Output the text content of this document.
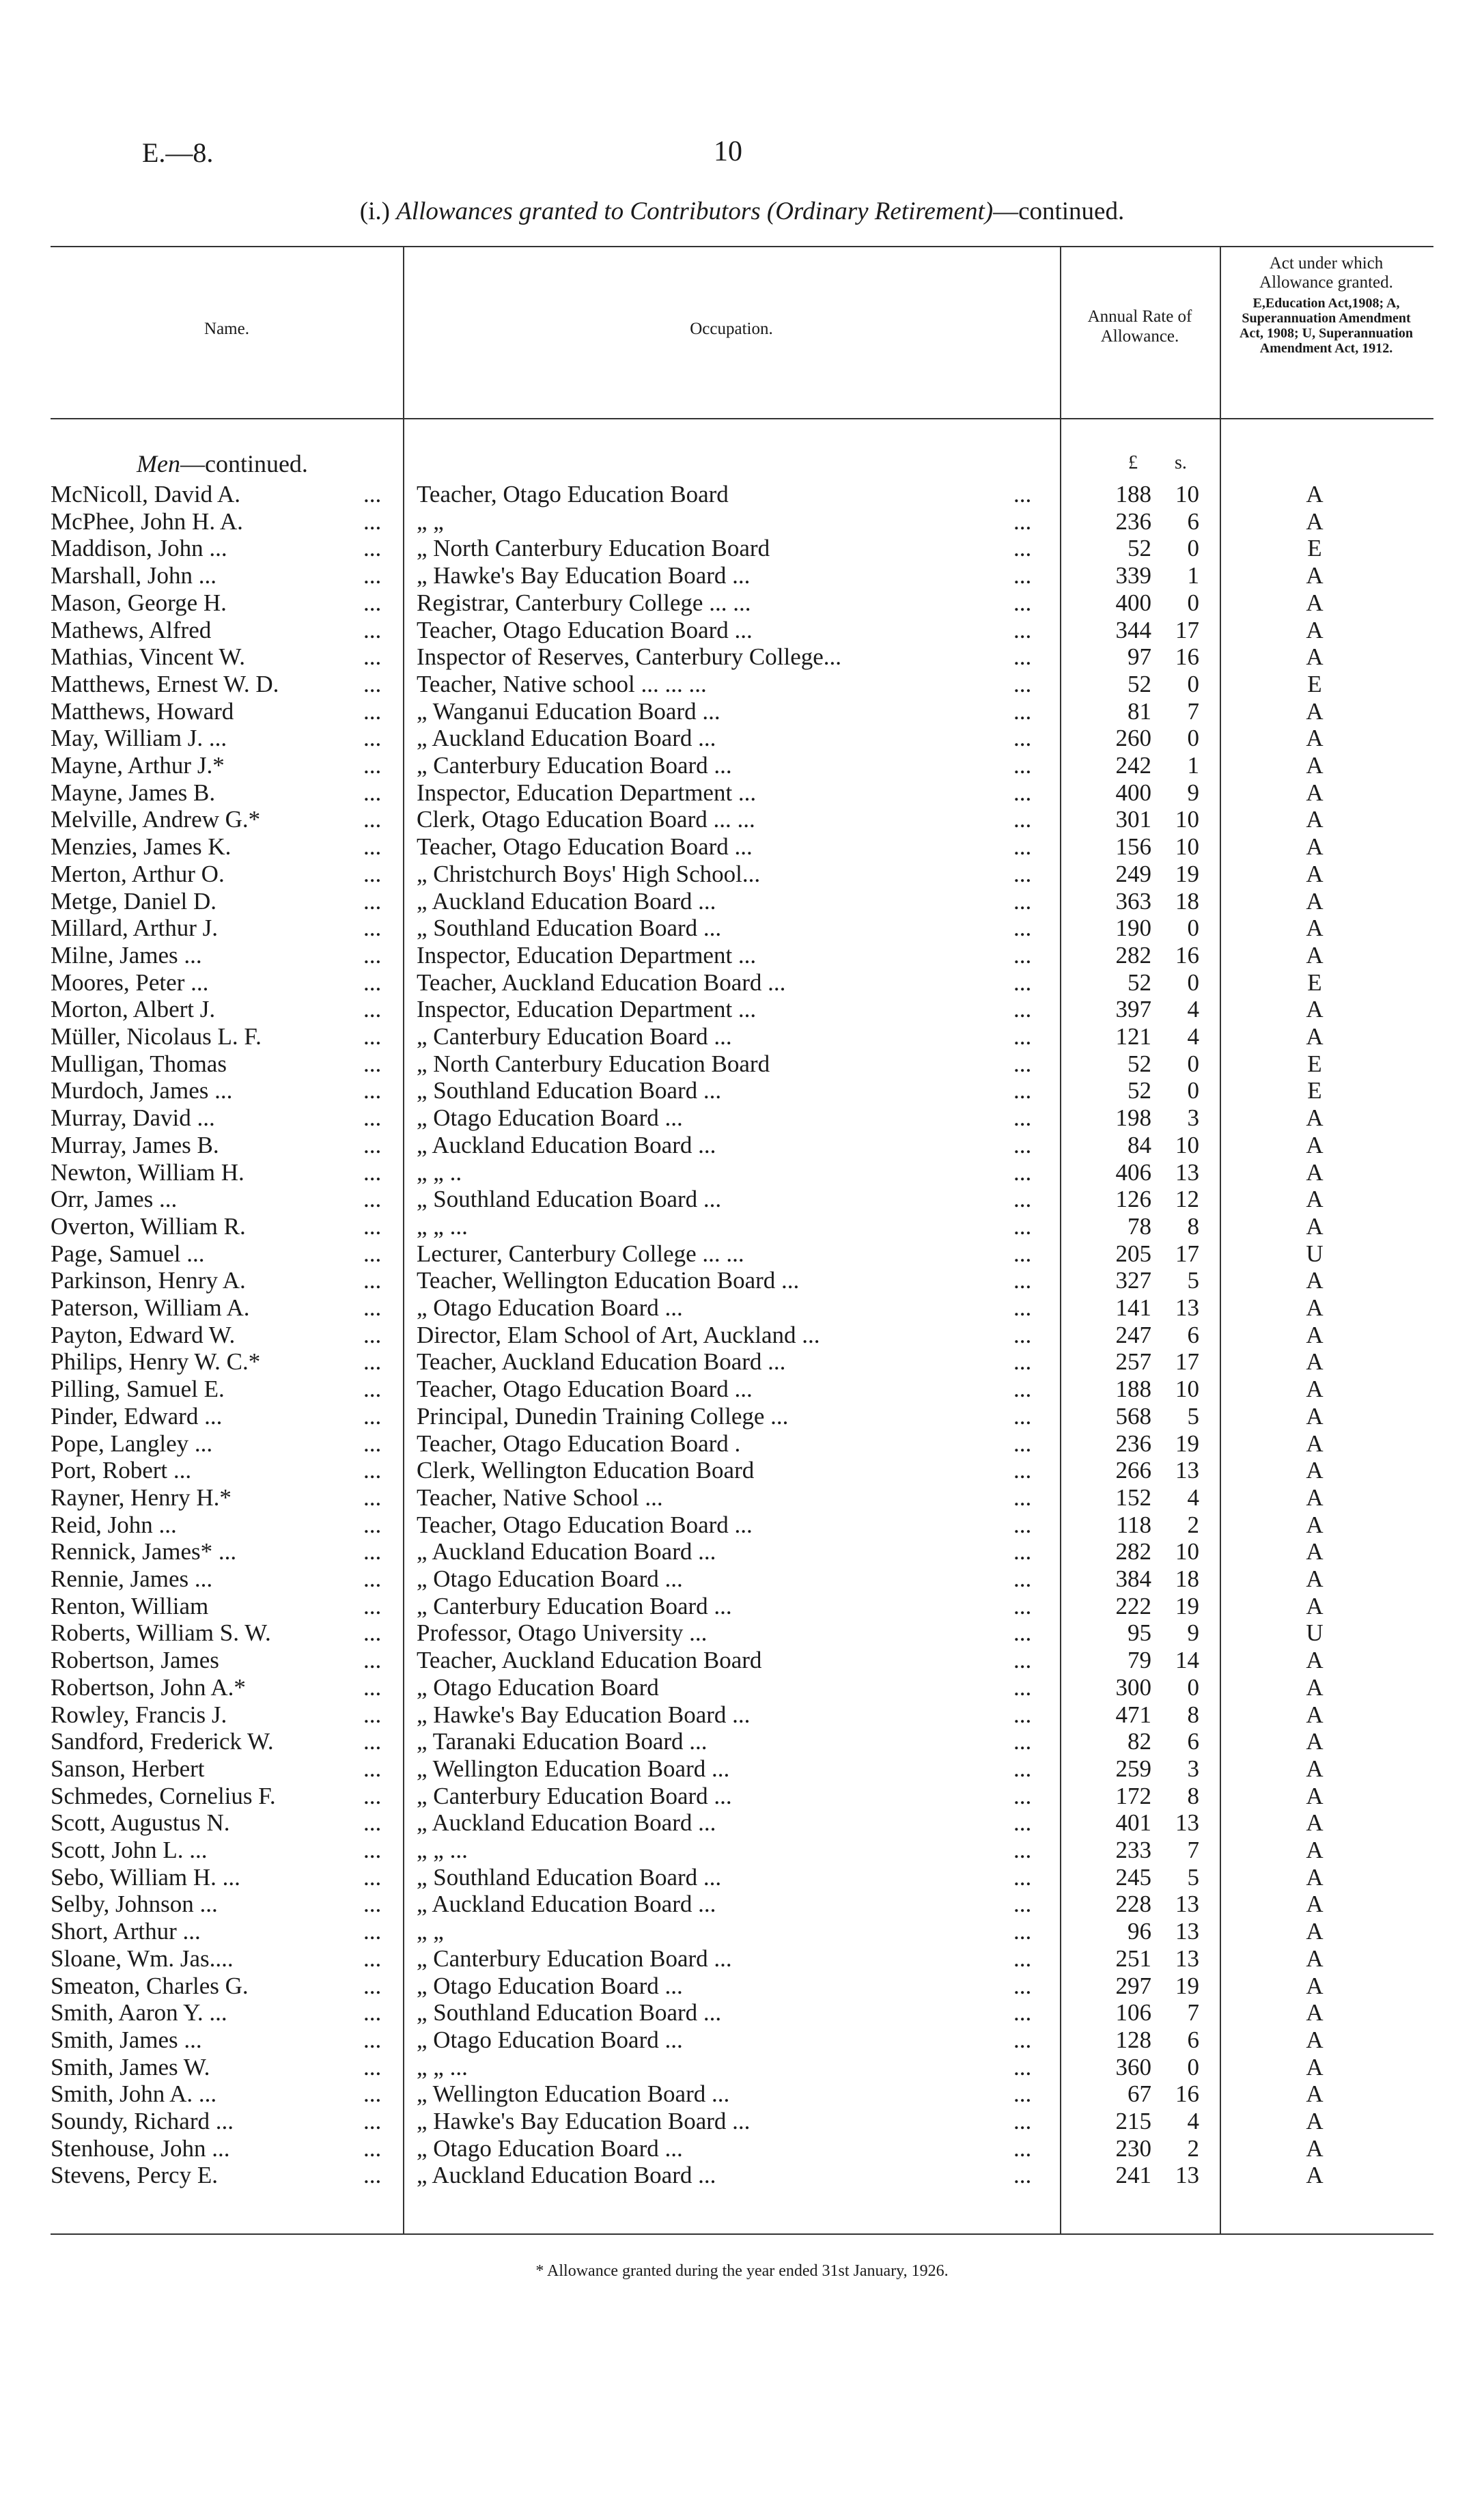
E.—8.	10
(i.) Allowances granted to Contributors (Ordinary Retirement)—continued.
Name.	Occupation.
Annual Rate of
Allowance.
Act under which
Allowance granted.
E,Education Act,1908; A, Superannuation Amendment Act, 1908; U, Superannuation Amendment Act, 1912.
Men—continued.	£ s.
McNicoll, David A.	... Teacher, Otago Education Board	...	188	10	A
McPhee, John H. A.	... „ „	...	236	6	A
Maddison, John ...	... „ North Canterbury Education Board	...	52	0	E
Marshall, John ...	... „ Hawke's Bay Education Board ...	...	339	1	A
Mason, George H.	... Registrar, Canterbury College ... ...	...	400	0	A
Mathews, Alfred	... Teacher, Otago Education Board ...	...	344	17	A
Mathias, Vincent W.	... Inspector of Reserves, Canterbury College...	...	97	16	A
Matthews, Ernest W. D.	... Teacher, Native school ... ... ...	...	52	0	E
Matthews, Howard	... „ Wanganui Education Board ...	...	81	7	A
May, William J. ...	... „ Auckland Education Board ...	...	260	0	A
Mayne, Arthur J.*	... „ Canterbury Education Board ...	...	242	1	A
Mayne, James B.	... Inspector, Education Department ...	...	400	9	A
Melville, Andrew G.*	... Clerk, Otago Education Board ... ...	...	301	10	A
Menzies, James K.	... Teacher, Otago Education Board ...	...	156	10	A
Merton, Arthur O.	... „ Christchurch Boys' High School...	...	249	19	A
Metge, Daniel D.	... „ Auckland Education Board ...	...	363	18	A
Millard, Arthur J.	... „ Southland Education Board ...	...	190	0	A
Milne, James ...	... Inspector, Education Department ...	...	282	16	A
Moores, Peter ...	... Teacher, Auckland Education Board ...	...	52	0	E
Morton, Albert J.	... Inspector, Education Department ...	...	397	4	A
Müller, Nicolaus L. F.	... „ Canterbury Education Board ...	...	121	4	A
Mulligan, Thomas	... „ North Canterbury Education Board	...	52	0	E
Murdoch, James ...	... „ Southland Education Board ...	...	52	0	E
Murray, David ...	... „ Otago Education Board ...	...	198	3	A
Murray, James B.	... „ Auckland Education Board ...	...	84	10	A
Newton, William H.	... „ „ ..	...	406	13	A
Orr, James ...	... „ Southland Education Board ...	...	126	12	A
Overton, William R.	... „ „ ...	...	78	8	A
Page, Samuel ...	... Lecturer, Canterbury College ... ...	...	205	17	U
Parkinson, Henry A.	... Teacher, Wellington Education Board ...	...	327	5	A
Paterson, William A.	... „ Otago Education Board ...	...	141	13	A
Payton, Edward W.	... Director, Elam School of Art, Auckland ...	...	247	6	A
Philips, Henry W. C.*	... Teacher, Auckland Education Board ...	...	257	17	A
Pilling, Samuel E.	... Teacher, Otago Education Board ...	...	188	10	A
Pinder, Edward ...	... Principal, Dunedin Training College ...	...	568	5	A
Pope, Langley ...	... Teacher, Otago Education Board .	...	236	19	A
Port, Robert ...	... Clerk, Wellington Education Board	...	266	13	A
Rayner, Henry H.*	... Teacher, Native School ...	...	152	4	A
Reid, John ...	... Teacher, Otago Education Board ...	...	118	2	A
Rennick, James* ...	... „ Auckland Education Board ...	...	282	10	A
Rennie, James ...	... „ Otago Education Board ...	...	384	18	A
Renton, William	... „ Canterbury Education Board ...	...	222	19	A
Roberts, William S. W.	... Professor, Otago University ...	...	95	9	U
Robertson, James	... Teacher, Auckland Education Board	...	79	14	A
Robertson, John A.*	... „ Otago Education Board	...	300	0	A
Rowley, Francis J.	... „ Hawke's Bay Education Board ...	...	471	8	A
Sandford, Frederick W.	... „ Taranaki Education Board ...	...	82	6	A
Sanson, Herbert	... „ Wellington Education Board ...	...	259	3	A
Schmedes, Cornelius F.	... „ Canterbury Education Board ...	...	172	8	A
Scott, Augustus N.	... „ Auckland Education Board ...	...	401	13	A
Scott, John L. ...	... „ „ ...	...	233	7	A
Sebo, William H. ...	... „ Southland Education Board ...	...	245	5	A
Selby, Johnson ...	... „ Auckland Education Board ...	...	228	13	A
Short, Arthur ...	... „ „	...	96	13	A
Sloane, Wm. Jas....	... „ Canterbury Education Board ...	...	251	13	A
Smeaton, Charles G.	... „ Otago Education Board ...	...	297	19	A
Smith, Aaron Y. ...	... „ Southland Education Board ...	...	106	7	A
Smith, James ...	... „ Otago Education Board ...	...	128	6	A
Smith, James W.	... „ „ ...	...	360	0	A
Smith, John A. ...	... „ Wellington Education Board ...	...	67	16	A
Soundy, Richard ...	... „ Hawke's Bay Education Board ...	...	215	4	A
Stenhouse, John ...	... „ Otago Education Board ...	...	230	2	A
Stevens, Percy E.	... „ Auckland Education Board ...	...	241	13	A
* Allowance granted during the year ended 31st January, 1926.
